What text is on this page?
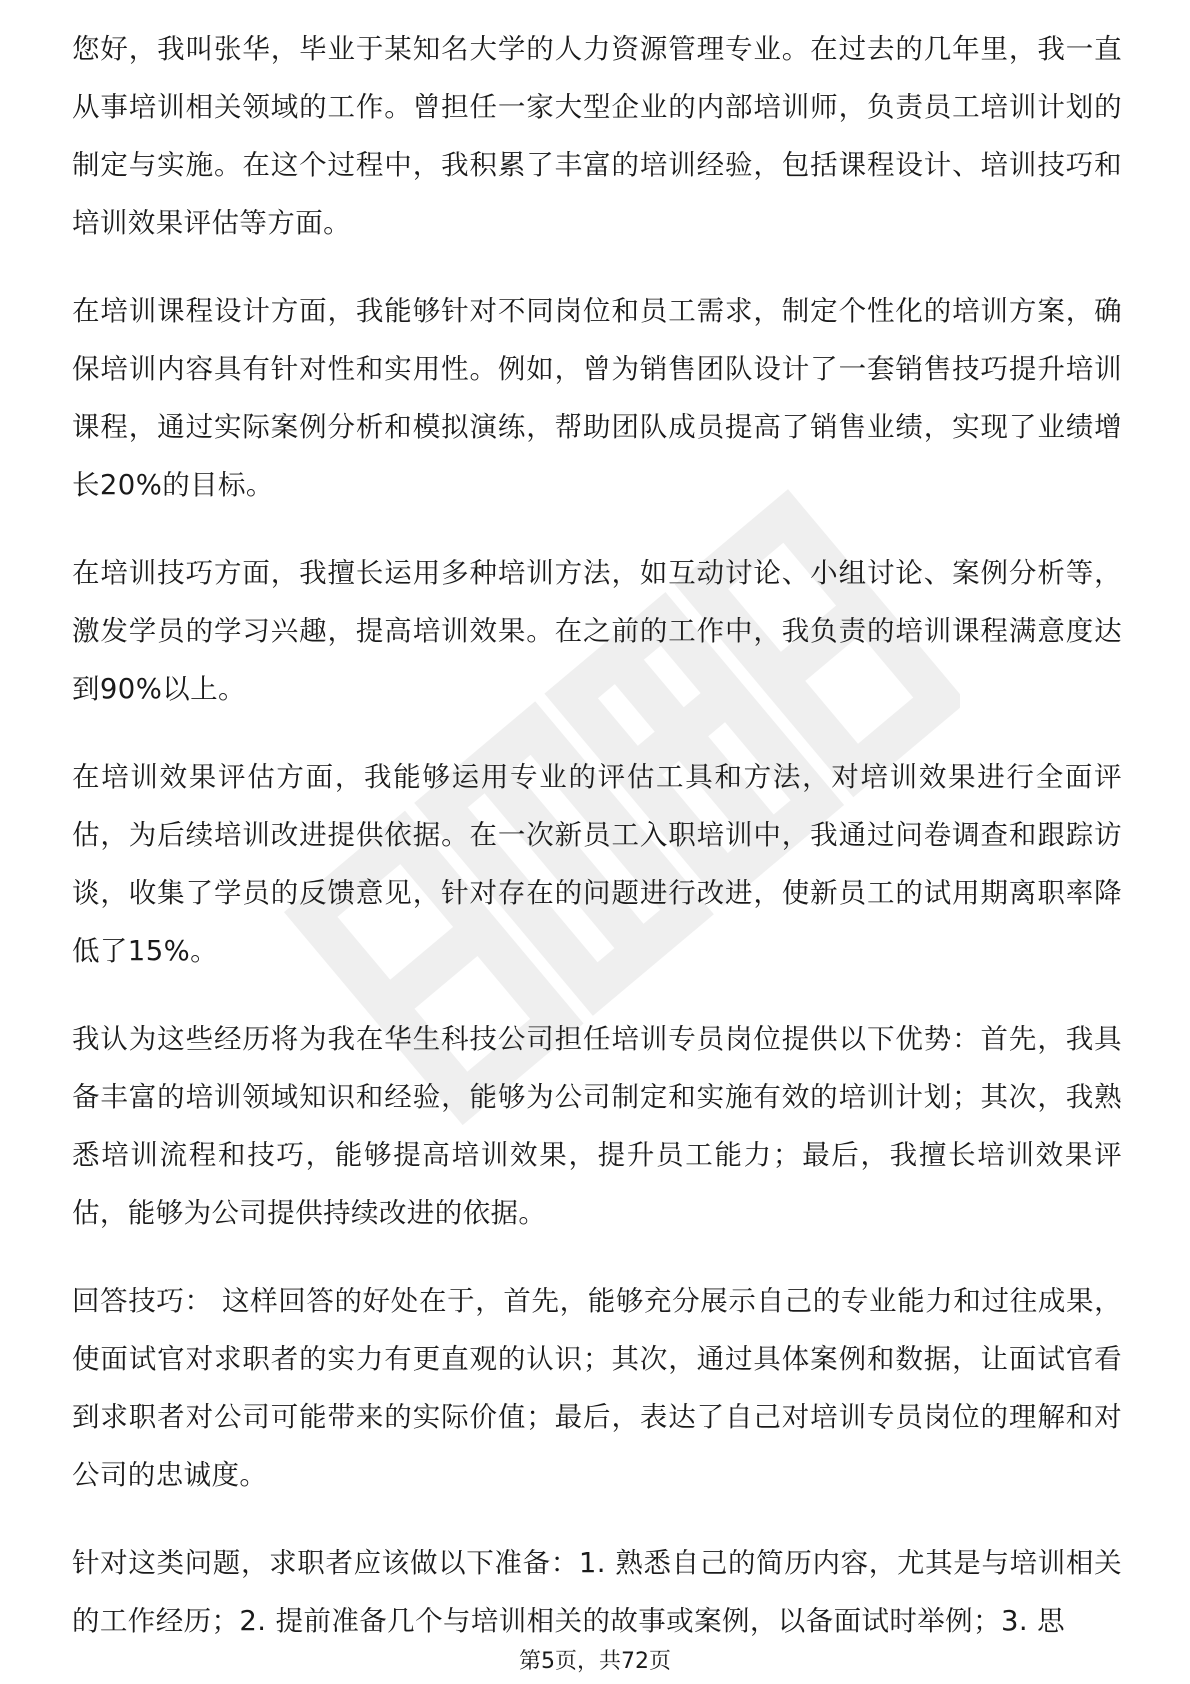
您好，我叫张华，毕业于某知名大学的人力资源管理专业。在过去的几年里，我一直从事培训相关领域的工作。曾担任一家大型企业的内部培训师，负责员工培训计划的制定与实施。在这个过程中，我积累了丰富的培训经验，包括课程设计、培训技巧和培训效果评估等方面。

在培训课程设计方面，我能够针对不同岗位和员工需求，制定个性化的培训方案，确保培训内容具有针对性和实用性。例如，曾为销售团队设计了一套销售技巧提升培训课程，通过实际案例分析和模拟演练，帮助团队成员提高了销售业绩，实现了业绩增长20%的目标。

在培训技巧方面，我擅长运用多种培训方法，如互动讨论、小组讨论、案例分析等，激发学员的学习兴趣，提高培训效果。在之前的工作中，我负责的培训课程满意度达到90%以上。

在培训效果评估方面，我能够运用专业的评估工具和方法，对培训效果进行全面评估，为后续培训改进提供依据。在一次新员工入职培训中，我通过问卷调查和跟踪访谈，收集了学员的反馈意见，针对存在的问题进行改进，使新员工的试用期离职率降低了15%。

我认为这些经历将为我在华生科技公司担任培训专员岗位提供以下优势：首先，我具备丰富的培训领域知识和经验，能够为公司制定和实施有效的培训计划；其次，我熟悉培训流程和技巧，能够提高培训效果，提升员工能力；最后，我擅长培训效果评估，能够为公司提供持续改进的依据。

回答技巧： 这样回答的好处在于，首先，能够充分展示自己的专业能力和过往成果，使面试官对求职者的实力有更直观的认识；其次，通过具体案例和数据，让面试官看到求职者对公司可能带来的实际价值；最后，表达了自己对培训专员岗位的理解和对公司的忠诚度。

针对这类问题，求职者应该做以下准备：1. 熟悉自己的简历内容，尤其是与培训相关的工作经历；2. 提前准备几个与培训相关的故事或案例，以备面试时举例；3. 思

第5页，共72页
